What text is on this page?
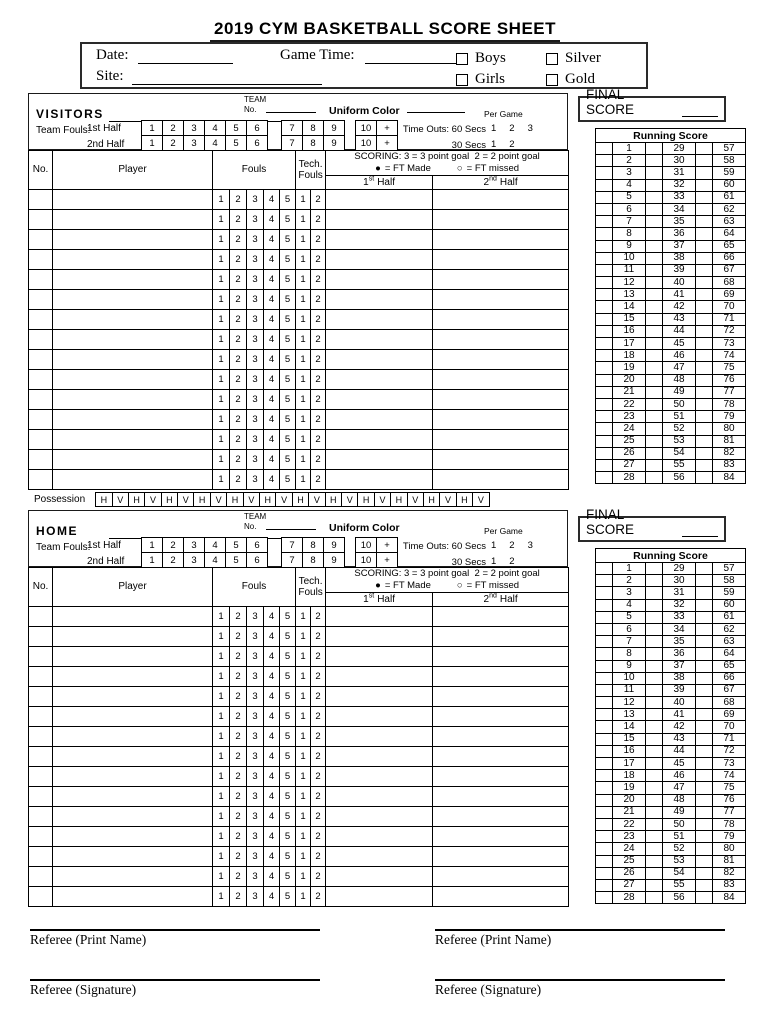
2019 CYM BASKETBALL SCORE SHEET
Date:	Game Time:
Site:
Boys	Silver
Girls	Gold
VISITORS
TEAM
No.	Uniform Color	Per Game
Team Fouls:
1st Half
2nd Half
1	2	3	4	5	6	7	8	9	10	+
1	2	3	4	5	6	7	8	9	10	+
Time Outs: 60 Secs
30 Secs
1 2 3
1 2
No.	Player	Fouls	Tech.
Fouls

SCORING: 3 = 3 point goal  2 = 2 point goal
● = FT Made	○ = FT missed

									1st Half	2nd Half
		1	2	3	4	5	1	2		
		1	2	3	4	5	1	2		
		1	2	3	4	5	1	2		
		1	2	3	4	5	1	2		
		1	2	3	4	5	1	2		
		1	2	3	4	5	1	2		
		1	2	3	4	5	1	2		
		1	2	3	4	5	1	2		
		1	2	3	4	5	1	2		
		1	2	3	4	5	1	2		
		1	2	3	4	5	1	2		
		1	2	3	4	5	1	2		
		1	2	3	4	5	1	2		
		1	2	3	4	5	1	2		
		1	2	3	4	5	1	2		
Possession	H	V	H	V	H	V	H	V	H	V	H	V	H	V	H	V	H	V	H	V	H	V	H	V
HOME
TEAM
No.	Uniform Color	Per Game
Team Fouls:
1st Half
2nd Half
1	2	3	4	5	6	7	8	9	10	+
1	2	3	4	5	6	7	8	9	10	+
Time Outs: 60 Secs
30 Secs
1 2 3
1 2
No.	Player	Fouls	Tech.
Fouls

SCORING: 3 = 3 point goal  2 = 2 point goal
● = FT Made	○ = FT missed

									1st Half	2nd Half
		1	2	3	4	5	1	2		
		1	2	3	4	5	1	2		
		1	2	3	4	5	1	2		
		1	2	3	4	5	1	2		
		1	2	3	4	5	1	2		
		1	2	3	4	5	1	2		
		1	2	3	4	5	1	2		
		1	2	3	4	5	1	2		
		1	2	3	4	5	1	2		
		1	2	3	4	5	1	2		
		1	2	3	4	5	1	2		
		1	2	3	4	5	1	2		
		1	2	3	4	5	1	2		
		1	2	3	4	5	1	2		
		1	2	3	4	5	1	2		
FINAL SCORE
Running Score					
	1		29		57
	2		30		58
	3		31		59
	4		32		60
	5		33		61
	6		34		62
	7		35		63
	8		36		64
	9		37		65
	10		38		66
	11		39		67
	12		40		68
	13		41		69
	14		42		70
	15		43		71
	16		44		72
	17		45		73
	18		46		74
	19		47		75
	20		48		76
	21		49		77
	22		50		78
	23		51		79
	24		52		80
	25		53		81
	26		54		82
	27		55		83
	28		56		84
FINAL SCORE
Running Score					
	1		29		57
	2		30		58
	3		31		59
	4		32		60
	5		33		61
	6		34		62
	7		35		63
	8		36		64
	9		37		65
	10		38		66
	11		39		67
	12		40		68
	13		41		69
	14		42		70
	15		43		71
	16		44		72
	17		45		73
	18		46		74
	19		47		75
	20		48		76
	21		49		77
	22		50		78
	23		51		79
	24		52		80
	25		53		81
	26		54		82
	27		55		83
	28		56		84
Referee (Print Name)
Referee (Signature)
Referee (Print Name)
Referee (Signature)
